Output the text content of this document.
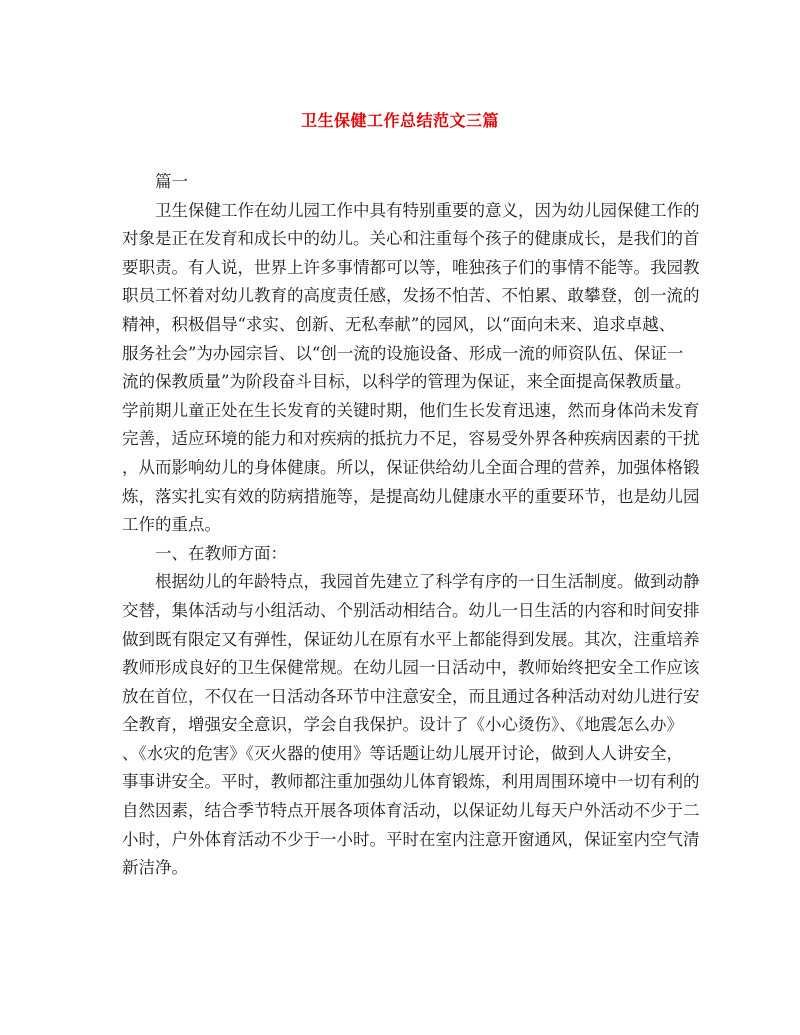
卫生保健工作总结范文三篇
篇一
卫生保健工作在幼儿园工作中具有特别重要的意义，因为幼儿园保健工作的
对象是正在发育和成长中的幼儿。关心和注重每个孩子的健康成长，是我们的首
要职责。有人说，世界上许多事情都可以等，唯独孩子们的事情不能等。我园教
职员工怀着对幼儿教育的高度责任感，发扬不怕苦、不怕累、敢攀登，创一流的
精神，积极倡导“求实、创新、无私奉献”的园风，以“面向未来、追求卓越、
服务社会”为办园宗旨、以“创一流的设施设备、形成一流的师资队伍、保证一
流的保教质量”为阶段奋斗目标，以科学的管理为保证，来全面提高保教质量。
学前期儿童正处在生长发育的关键时期，他们生长发育迅速，然而身体尚未发育
完善，适应环境的能力和对疾病的抵抗力不足，容易受外界各种疾病因素的干扰
，从而影响幼儿的身体健康。所以，保证供给幼儿全面合理的营养，加强体格锻
炼，落实扎实有效的防病措施等，是提高幼儿健康水平的重要环节，也是幼儿园
工作的重点。
一、在教师方面：
根据幼儿的年龄特点，我园首先建立了科学有序的一日生活制度。做到动静
交替，集体活动与小组活动、个别活动相结合。幼儿一日生活的内容和时间安排
做到既有限定又有弹性，保证幼儿在原有水平上都能得到发展。其次，注重培养
教师形成良好的卫生保健常规。在幼儿园一日活动中，教师始终把安全工作应该
放在首位，不仅在一日活动各环节中注意安全，而且通过各种活动对幼儿进行安
全教育，增强安全意识，学会自我保护。设计了《小心烫伤》、《地震怎么办》
、《水灾的危害》《灭火器的使用》等话题让幼儿展开讨论，做到人人讲安全，
事事讲安全。平时，教师都注重加强幼儿体育锻炼，利用周围环境中一切有利的
自然因素，结合季节特点开展各项体育活动，以保证幼儿每天户外活动不少于二
小时，户外体育活动不少于一小时。平时在室内注意开窗通风，保证室内空气清
新洁净。
